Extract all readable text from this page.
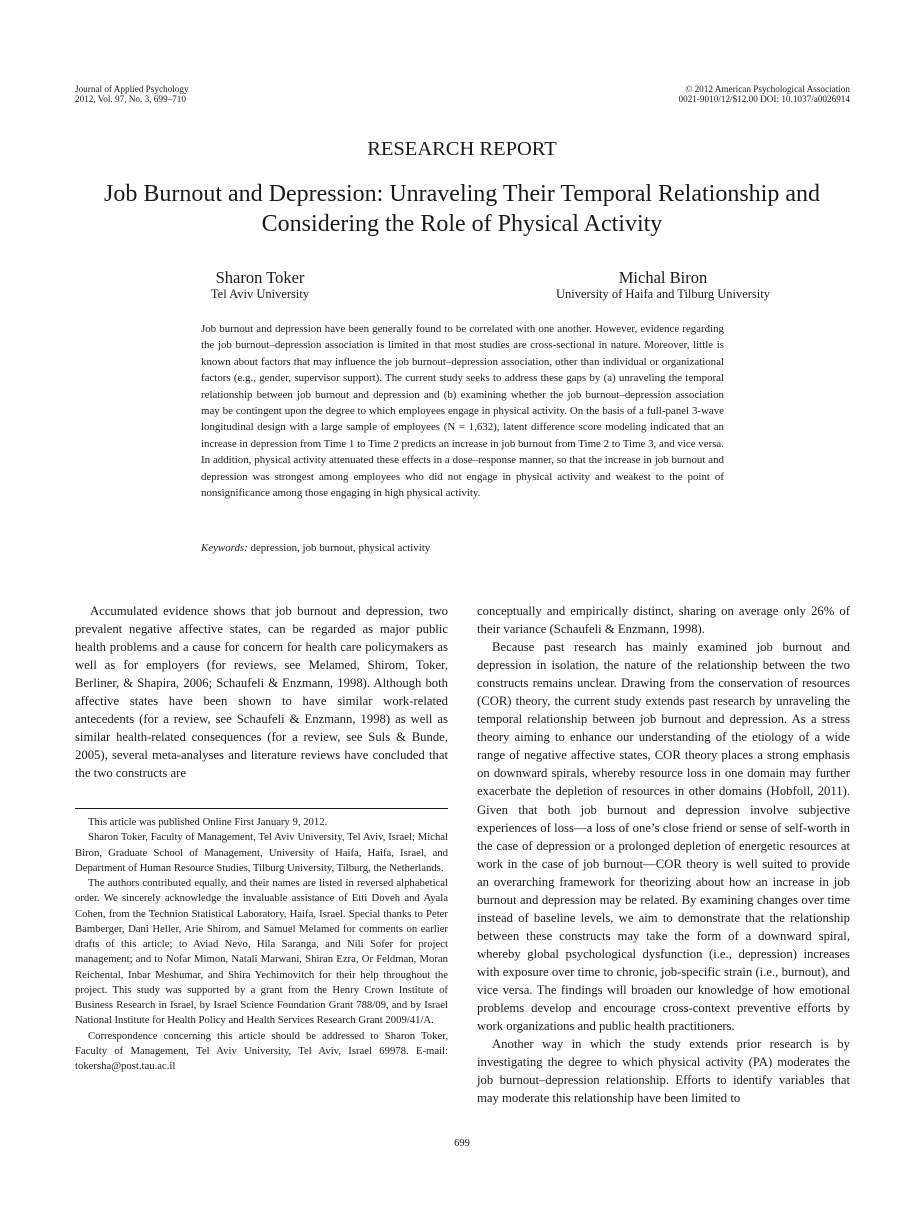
Journal of Applied Psychology
2012, Vol. 97, No. 3, 699–710
© 2012 American Psychological Association
0021-9010/12/$12.00 DOI: 10.1037/a0026914
RESEARCH REPORT
Job Burnout and Depression: Unraveling Their Temporal Relationship and
Considering the Role of Physical Activity
Sharon Toker
Tel Aviv University
Michal Biron
University of Haifa and Tilburg University
Job burnout and depression have been generally found to be correlated with one another. However, evidence regarding the job burnout–depression association is limited in that most studies are cross-sectional in nature. Moreover, little is known about factors that may influence the job burnout–depression association, other than individual or organizational factors (e.g., gender, supervisor support). The current study seeks to address these gaps by (a) unraveling the temporal relationship between job burnout and depression and (b) examining whether the job burnout–depression association may be contingent upon the degree to which employees engage in physical activity. On the basis of a full-panel 3-wave longitudinal design with a large sample of employees (N = 1,632), latent difference score modeling indicated that an increase in depression from Time 1 to Time 2 predicts an increase in job burnout from Time 2 to Time 3, and vice versa. In addition, physical activity attenuated these effects in a dose–response manner, so that the increase in job burnout and depression was strongest among employees who did not engage in physical activity and weakest to the point of nonsignificance among those engaging in high physical activity.
Keywords: depression, job burnout, physical activity

Accumulated evidence shows that job burnout and depression, two prevalent negative affective states, can be regarded as major public health problems and a cause for concern for health care policymakers as well as for employers (for reviews, see Melamed, Shirom, Toker, Berliner, & Shapira, 2006; Schaufeli & Enzmann, 1998). Although both affective states have been shown to have similar work-related antecedents (for a review, see Schaufeli & Enzmann, 1998) as well as similar health-related consequences (for a review, see Suls & Bunde, 2005), several meta-analyses and literature reviews have concluded that the two constructs are

conceptually and empirically distinct, sharing on average only 26% of their variance (Schaufeli & Enzmann, 1998).

Because past research has mainly examined job burnout and depression in isolation, the nature of the relationship between the two constructs remains unclear. Drawing from the conservation of resources (COR) theory, the current study extends past research by unraveling the temporal relationship between job burnout and depression. As a stress theory aiming to enhance our understanding of the etiology of a wide range of negative affective states, COR theory places a strong emphasis on downward spirals, whereby resource loss in one domain may further exacerbate the depletion of resources in other domains (Hobfoll, 2011). Given that both job burnout and depression involve subjective experiences of loss—a loss of one’s close friend or sense of self-worth in the case of depression or a prolonged depletion of energetic resources at work in the case of job burnout—COR theory is well suited to provide an overarching framework for theorizing about how an increase in job burnout and depression may be related. By examining changes over time instead of baseline levels, we aim to demonstrate that the relationship between these constructs may take the form of a downward spiral, whereby global psychological dysfunction (i.e., depression) increases with exposure over time to chronic, job-specific strain (i.e., burnout), and vice versa. The findings will broaden our knowledge of how emotional problems develop and encourage cross-context preventive efforts by work organizations and public health practitioners.

Another way in which the study extends prior research is by investigating the degree to which physical activity (PA) moderates the job burnout–depression relationship. Efforts to identify variables that may moderate this relationship have been limited to

This article was published Online First January 9, 2012.

Sharon Toker, Faculty of Management, Tel Aviv University, Tel Aviv, Israel; Michal Biron, Graduate School of Management, University of Haifa, Haifa, Israel, and Department of Human Resource Studies, Tilburg University, Tilburg, the Netherlands.

The authors contributed equally, and their names are listed in reversed alphabetical order. We sincerely acknowledge the invaluable assistance of Etti Doveh and Ayala Cohen, from the Technion Statistical Laboratory, Haifa, Israel. Special thanks to Peter Bamberger, Dani Heller, Arie Shirom, and Samuel Melamed for comments on earlier drafts of this article; to Aviad Nevo, Hila Saranga, and Nili Sofer for project management; and to Nofar Mimon, Natali Marwani, Shiran Ezra, Or Feldman, Moran Reichental, Inbar Meshumar, and Shira Yechimovitch for their help throughout the project. This study was supported by a grant from the Henry Crown Institute of Business Research in Israel, by Israel Science Foundation Grant 788/09, and by Israel National Institute for Health Policy and Health Services Research Grant 2009/41/A.

Correspondence concerning this article should be addressed to Sharon Toker, Faculty of Management, Tel Aviv University, Tel Aviv, Israel 69978. E-mail: tokersha@post.tau.ac.il

699
